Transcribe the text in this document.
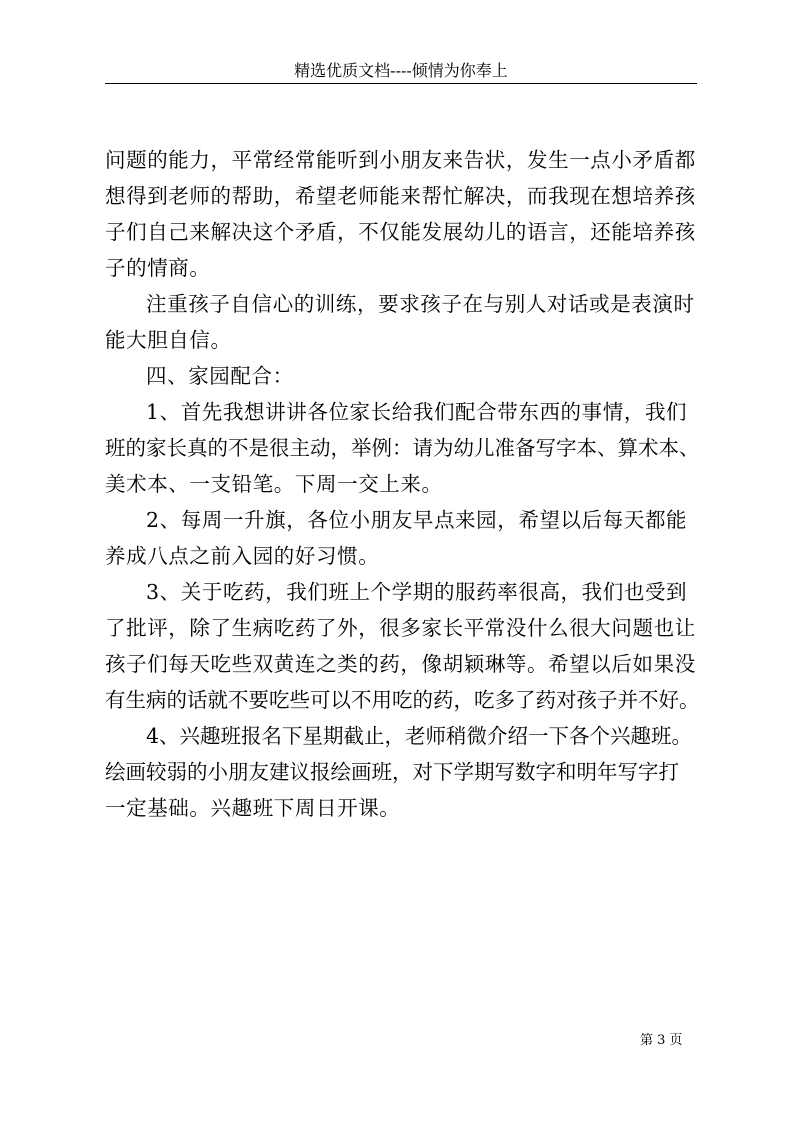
精选优质文档----倾情为你奉上
问题的能力，平常经常能听到小朋友来告状，发生一点小矛盾都
想得到老师的帮助，希望老师能来帮忙解决，而我现在想培养孩
子们自己来解决这个矛盾，不仅能发展幼儿的语言，还能培养孩
子的情商。
注重孩子自信心的训练，要求孩子在与别人对话或是表演时
能大胆自信。
四、家园配合：
1、首先我想讲讲各位家长给我们配合带东西的事情，我们
班的家长真的不是很主动，举例：请为幼儿准备写字本、算术本、
美术本、一支铅笔。下周一交上来。
2、每周一升旗，各位小朋友早点来园，希望以后每天都能
养成八点之前入园的好习惯。
3、关于吃药，我们班上个学期的服药率很高，我们也受到
了批评，除了生病吃药了外，很多家长平常没什么很大问题也让
孩子们每天吃些双黄连之类的药，像胡颖琳等。希望以后如果没
有生病的话就不要吃些可以不用吃的药，吃多了药对孩子并不好。
4、兴趣班报名下星期截止，老师稍微介绍一下各个兴趣班。
绘画较弱的小朋友建议报绘画班，对下学期写数字和明年写字打
一定基础。兴趣班下周日开课。
第 3 页
